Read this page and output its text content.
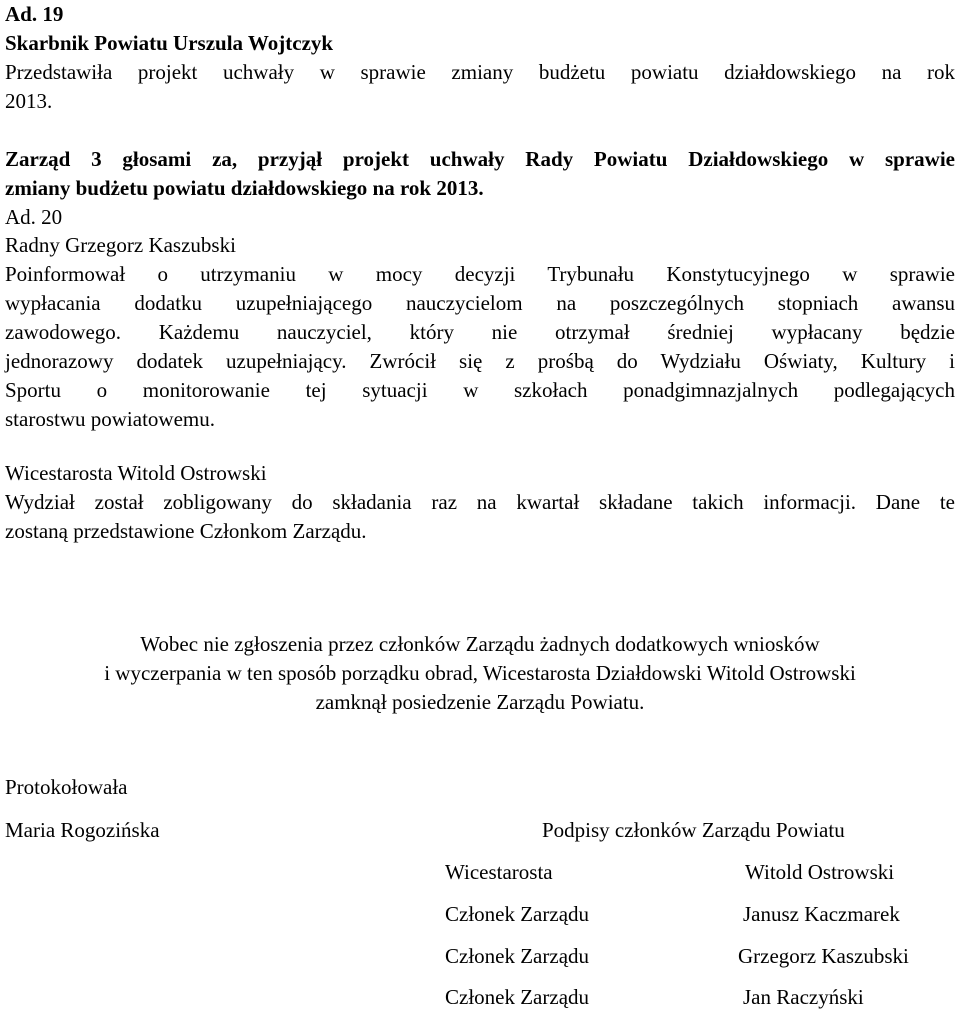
Ad. 19
Skarbnik Powiatu Urszula Wojtczyk
Przedstawiła projekt uchwały w sprawie zmiany budżetu powiatu działdowskiego na rok
2013.
Zarząd 3 głosami za, przyjął projekt uchwały Rady Powiatu Działdowskiego w sprawie
zmiany budżetu powiatu działdowskiego na rok 2013.
Ad. 20
Radny Grzegorz Kaszubski
Poinformował o utrzymaniu w mocy decyzji Trybunału Konstytucyjnego w sprawie
wypłacania dodatku uzupełniającego nauczycielom na poszczególnych stopniach awansu
zawodowego. Każdemu nauczyciel, który nie otrzymał średniej wypłacany będzie
jednorazowy dodatek uzupełniający. Zwrócił się z prośbą do Wydziału Oświaty, Kultury i
Sportu o monitorowanie tej sytuacji w szkołach ponadgimnazjalnych podlegających
starostwu powiatowemu.
Wicestarosta Witold Ostrowski
Wydział został zobligowany do składania raz na kwartał składane takich informacji. Dane te
zostaną przedstawione Członkom Zarządu.
Wobec nie zgłoszenia przez członków Zarządu żadnych dodatkowych wniosków
i wyczerpania w ten sposób porządku obrad, Wicestarosta Działdowski Witold Ostrowski
zamknął posiedzenie Zarządu Powiatu.
Protokołowała
Maria Rogozińska	Podpisy członków Zarządu Powiatu
Wicestarosta	Witold Ostrowski
Członek Zarządu	Janusz Kaczmarek
Członek Zarządu	Grzegorz Kaszubski
Członek Zarządu	Jan Raczyński
